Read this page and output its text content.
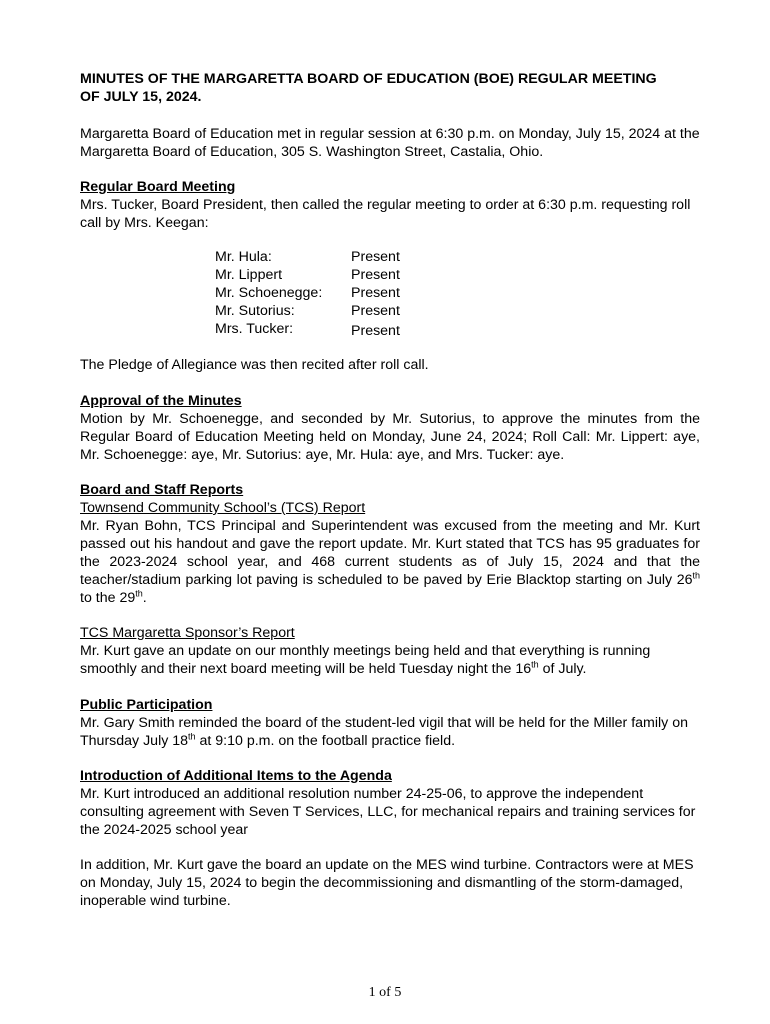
MINUTES OF THE MARGARETTA BOARD OF EDUCATION (BOE) REGULAR MEETING

OF JULY 15, 2024.

Margaretta Board of Education met in regular session at 6:30 p.m. on Monday, July 15, 2024 at the Margaretta Board of Education, 305 S. Washington Street, Castalia, Ohio.

Regular Board Meeting

Mrs. Tucker, Board President, then called the regular meeting to order at 6:30 p.m. requesting roll call by Mrs. Keegan:

Mr. Hula:	Present
Mr. Lippert	Present
Mr. Schoenegge: Present
Mr. Sutorius:	Present
Mrs. Tucker:	Present

The Pledge of Allegiance was then recited after roll call.

Approval of the Minutes

Motion by Mr. Schoenegge, and seconded by Mr. Sutorius, to approve the minutes from the Regular Board of Education Meeting held on Monday, June 24, 2024; Roll Call: Mr. Lippert: aye, Mr. Schoenegge: aye, Mr. Sutorius: aye, Mr. Hula: aye, and Mrs. Tucker: aye.

Board and Staff Reports

Townsend Community School’s (TCS) Report

Mr. Ryan Bohn, TCS Principal and Superintendent was excused from the meeting and Mr. Kurt passed out his handout and gave the report update. Mr. Kurt stated that TCS has 95 graduates for the 2023-2024 school year, and 468 current students as of July 15, 2024 and that the teacher/stadium parking lot paving is scheduled to be paved by Erie Blacktop starting on July 26th to the 29th.

TCS Margaretta Sponsor’s Report

Mr. Kurt gave an update on our monthly meetings being held and that everything is running smoothly and their next board meeting will be held Tuesday night the 16th of July.

Public Participation

Mr. Gary Smith reminded the board of the student-led vigil that will be held for the Miller family on Thursday July 18th at 9:10 p.m. on the football practice field.

Introduction of Additional Items to the Agenda

Mr. Kurt introduced an additional resolution number 24-25-06, to approve the independent consulting agreement with Seven T Services, LLC, for mechanical repairs and training services for the 2024-2025 school year

In addition, Mr. Kurt gave the board an update on the MES wind turbine. Contractors were at MES on Monday, July 15, 2024 to begin the decommissioning and dismantling of the storm-damaged, inoperable wind turbine.

1 of 5
